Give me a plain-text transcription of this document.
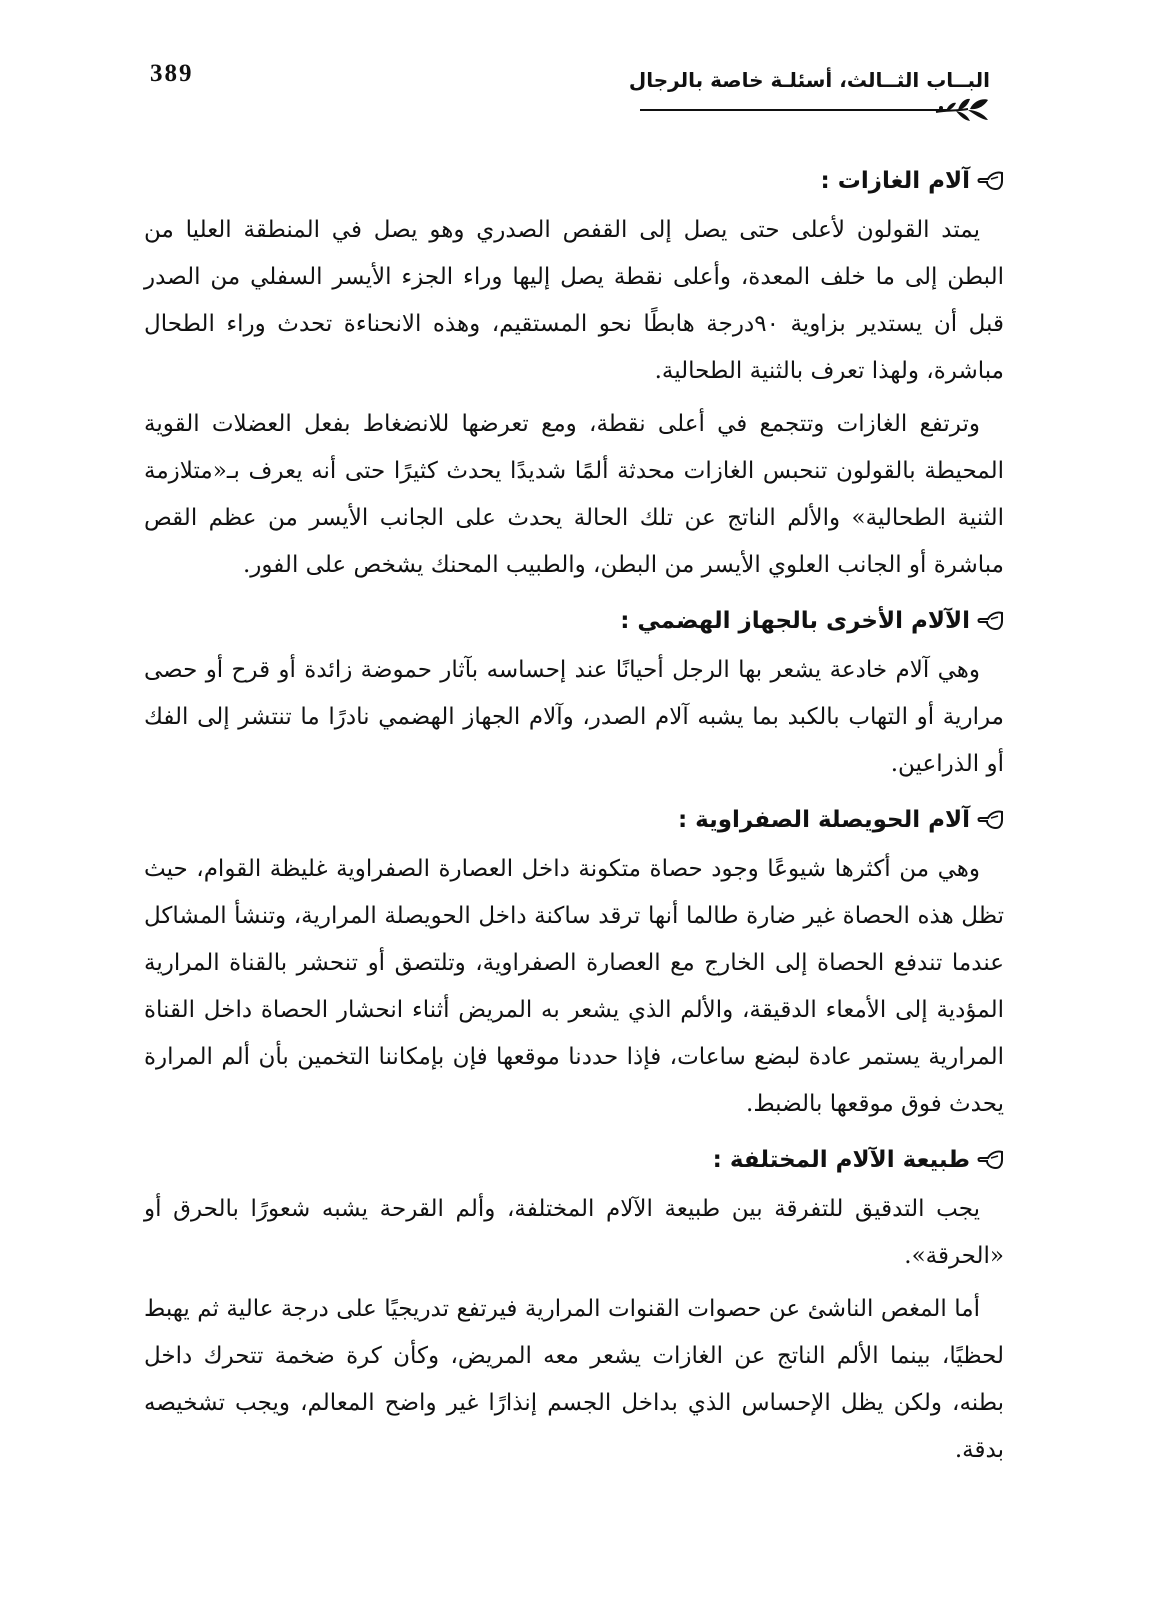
البــاب الثــالث، أسئلـة خاصة بالرجال
389
آلام الغازات :

يمتد القولون لأعلى حتى يصل إلى القفص الصدري وهو يصل في المنطقة العليا من البطن إلى ما خلف المعدة، وأعلى نقطة يصل إليها وراء الجزء الأيسر السفلي من الصدر قبل أن يستدير بزاوية ٩٠درجة هابطًا نحو المستقيم، وهذه الانحناءة تحدث وراء الطحال مباشرة، ولهذا تعرف بالثنية الطحالية.

وترتفع الغازات وتتجمع في أعلى نقطة، ومع تعرضها للانضغاط بفعل العضلات القوية المحيطة بالقولون تنحبس الغازات محدثة ألمًا شديدًا يحدث كثيرًا حتى أنه يعرف بـ«متلازمة الثنية الطحالية» والألم الناتج عن تلك الحالة يحدث على الجانب الأيسر من عظم القص مباشرة أو الجانب العلوي الأيسر من البطن، والطبيب المحنك يشخص على الفور.

الآلام الأخرى بالجهاز الهضمي :

وهي آلام خادعة يشعر بها الرجل أحيانًا عند إحساسه بآثار حموضة زائدة أو قرح أو حصى مرارية أو التهاب بالكبد بما يشبه آلام الصدر، وآلام الجهاز الهضمي نادرًا ما تنتشر إلى الفك أو الذراعين.

آلام الحويصلة الصفراوية :

وهي من أكثرها شيوعًا وجود حصاة متكونة داخل العصارة الصفراوية غليظة القوام، حيث تظل هذه الحصاة غير ضارة طالما أنها ترقد ساكنة داخل الحويصلة المرارية، وتنشأ المشاكل عندما تندفع الحصاة إلى الخارج مع العصارة الصفراوية، وتلتصق أو تنحشر بالقناة المرارية المؤدية إلى الأمعاء الدقيقة، والألم الذي يشعر به المريض أثناء انحشار الحصاة داخل القناة المرارية يستمر عادة لبضع ساعات، فإذا حددنا موقعها فإن بإمكاننا التخمين بأن ألم المرارة يحدث فوق موقعها بالضبط.

طبيعة الآلام المختلفة :

يجب التدقيق للتفرقة بين طبيعة الآلام المختلفة، وألم القرحة يشبه شعورًا بالحرق أو «الحرقة».

أما المغص الناشئ عن حصوات القنوات المرارية فيرتفع تدريجيًا على درجة عالية ثم يهبط لحظيًا، بينما الألم الناتج عن الغازات يشعر معه المريض، وكأن كرة ضخمة تتحرك داخل بطنه، ولكن يظل الإحساس الذي بداخل الجسم إنذارًا غير واضح المعالم، ويجب تشخيصه بدقة.
